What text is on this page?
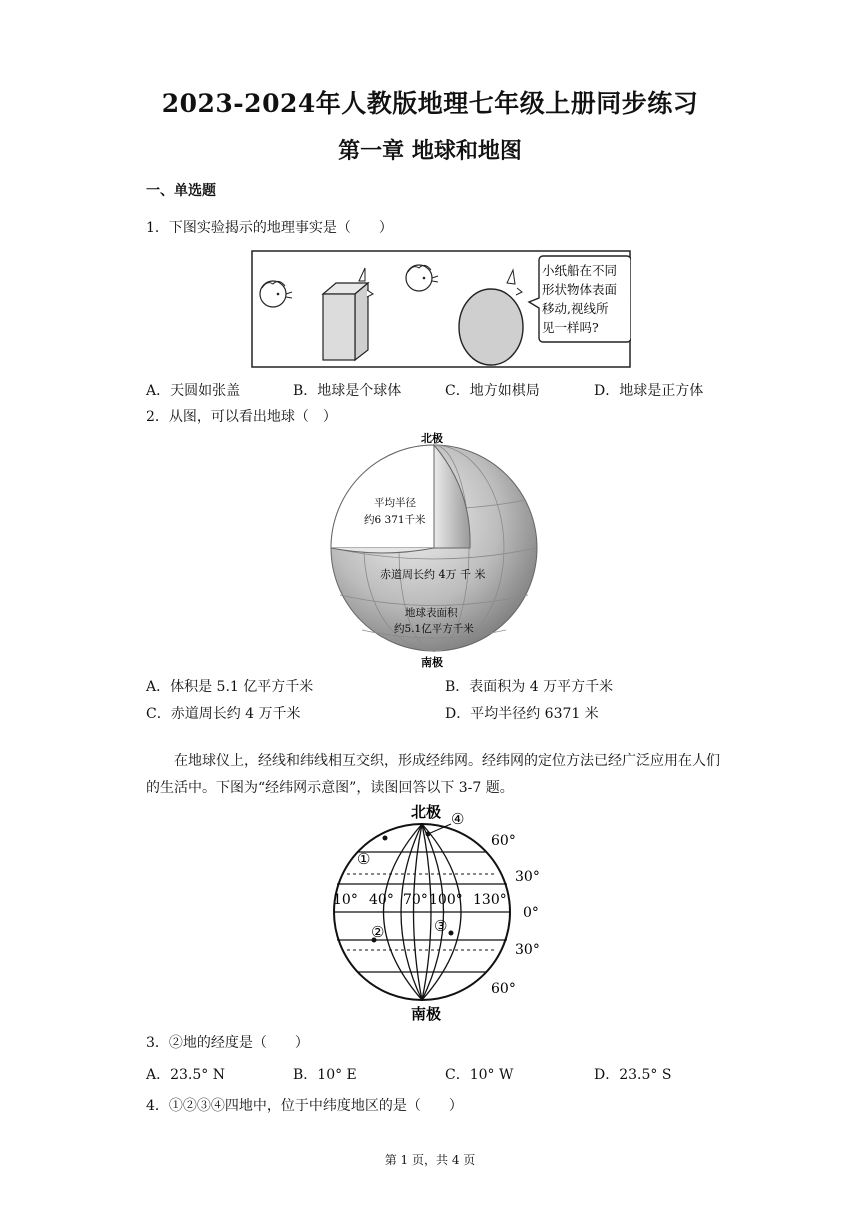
2023-2024年人教版地理七年级上册同步练习
第一章 地球和地图
一、单选题
1．下图实验揭示的地理事实是（　　）
小纸船在不同
形状物体表面
移动,视线所
见一样吗?
A．天圆如张盖	B．地球是个球体	C．地方如棋局	D．地球是正方体
2．从图，可以看出地球（　）
北极
平均半径
约6 371千米
赤道周长约 4万 千 米
地球表面积
约5.1亿平方千米
南极
A．体积是 5.1 亿平方千米	B．表面积为 4 万平方千米
C．赤道周长约 4 万千米	D．平均半径约 6371 米
在地球仪上，经线和纬线相互交织，形成经纬网。经纬网的定位方法已经广泛应用在人们的生活中。下图为“经纬网示意图”，读图回答以下 3-7 题。
北极
南极
10° 40° 70° 100° 130°
60°
30°
0°
30°
60°
①
②	③
④
3．②地的经度是（　　）
A．23.5° N	B．10° E	C．10° W	D．23.5° S
4．①②③④四地中，位于中纬度地区的是（　　）
第 1 页，共 4 页
